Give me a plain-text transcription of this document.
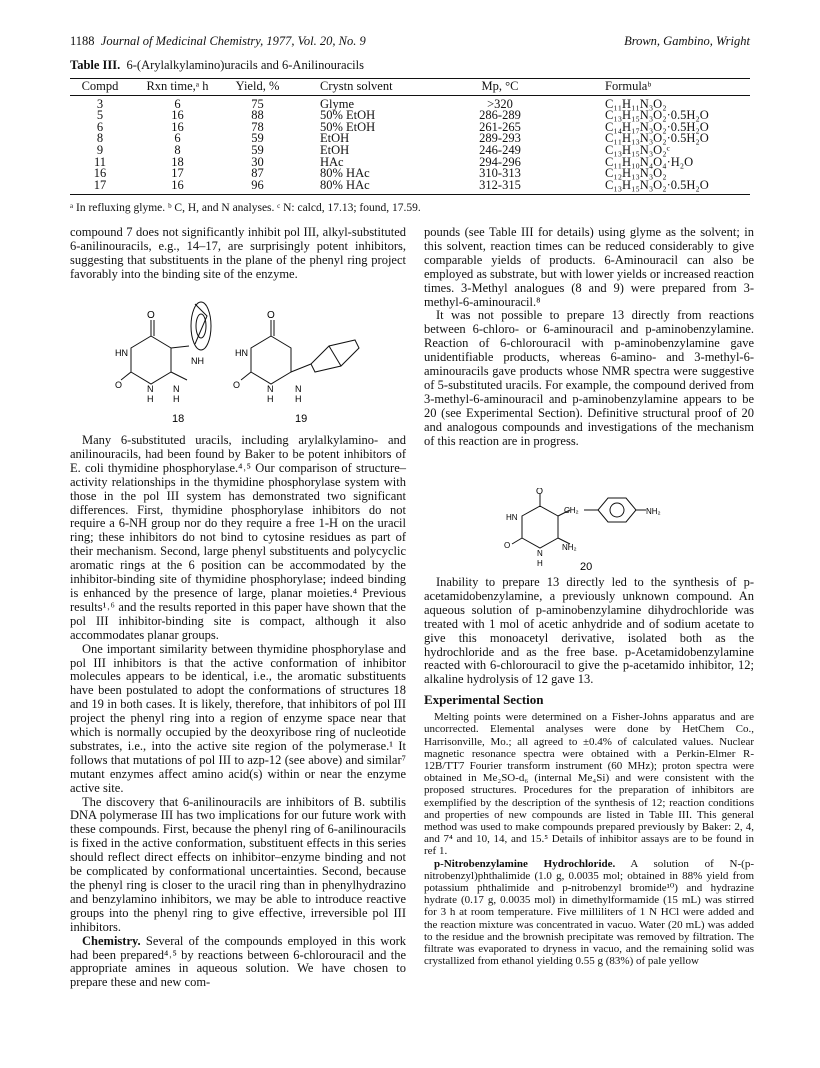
1188 Journal of Medicinal Chemistry, 1977, Vol. 20, No. 9	Brown, Gambino, Wright
Table III. 6-(Arylalkylamino)uracils and 6-Anilinouracils
Compd	Rxn time,ᵃ h	Yield, %	Crystn solvent	Mp, °C	Formulaᵇ
3	6	75	Glyme	>320	C₁₁H₁₁N₃O₂
5	16	88	50% EtOH	286-289	C₁₃H₁₅N₃O₂·0.5H₂O
6	16	78	50% EtOH	261-265	C₁₄H₁₇N₃O₂·0.5H₂O
8	6	59	EtOH	289-293	C₁₁H₁₃N₃O₂·0.5H₂O
9	8	59	EtOH	246-249	C₁₃H₁₅N₃O₂ᶜ
11	18	30	HAc	294-296	C₁₁H₁₀N₄O₄·H₂O
16	17	87	80% HAc	310-313	C₁₂H₁₃N₃O₂
17	16	96	80% HAc	312-315	C₁₃H₁₅N₃O₂·0.5H₂O
ᵃ In refluxing glyme. ᵇ C, H, and N analyses. ᶜ N: calcd, 17.13; found, 17.59.

compound 7 does not significantly inhibit pol III, alkyl-substituted 6-anilinouracils, e.g., 14–17, are surprisingly potent inhibitors, suggesting that substituents in the plane of the phenyl ring project favorably into the binding site of the enzyme.

O
HN
NH
O	N N
H H
O
HN
O	N N
H H
18	19

Many 6-substituted uracils, including arylalkylamino- and anilinouracils, had been found by Baker to be potent inhibitors of E. coli thymidine phosphorylase.⁴˒⁵ Our comparison of structure–activity relationships in the thymidine phosphorylase system with those in the pol III system has demonstrated two significant differences. First, thymidine phosphorylase inhibitors do not require a 6-NH group nor do they require a free 1-H on the uracil ring; these inhibitors do not bind to cytosine residues as part of their mechanism. Second, large phenyl substituents and polycyclic aromatic rings at the 6 position can be accommodated by the inhibitor-binding site of thymidine phosphorylase; indeed binding is enhanced by the presence of large, planar moieties.⁴ Previous results¹˒⁶ and the results reported in this paper have shown that the pol III inhibitor-binding site is compact, although it also accommodates planar groups.

One important similarity between thymidine phosphorylase and pol III inhibitors is that the active conformation of inhibitor molecules appears to be identical, i.e., the aromatic substituents have been postulated to adopt the conformations of structures 18 and 19 in both cases. It is likely, therefore, that inhibitors of pol III project the phenyl ring into a region of enzyme space near that which is normally occupied by the deoxyribose ring of nucleotide substrates, i.e., into the active site region of the polymerase.¹ It follows that mutations of pol III to azp-12 (see above) and similar⁷ mutant enzymes affect amino acid(s) within or near the enzyme active site.

The discovery that 6-anilinouracils are inhibitors of B. subtilis DNA polymerase III has two implications for our future work with these compounds. First, because the phenyl ring of 6-anilinouracils is fixed in the active conformation, substituent effects in this series should reflect direct effects on inhibitor–enzyme binding and not be complicated by conformational uncertainties. Second, because the phenyl ring is closer to the uracil ring than in phenylhydrazino and benzylamino inhibitors, we may be able to introduce reactive groups into the phenyl ring to give effective, irreversible pol III inhibitors.

Chemistry. Several of the compounds employed in this work had been prepared⁴˒⁵ by reactions between 6-chlorouracil and the appropriate amines in aqueous solution. We have chosen to prepare these and new com-

pounds (see Table III for details) using glyme as the solvent; in this solvent, reaction times can be reduced considerably to give comparable yields of products. 6-Aminouracil can also be employed as substrate, but with lower yields or increased reaction times. 3-Methyl analogues (8 and 9) were prepared from 3-methyl-6-aminouracil.⁸

It was not possible to prepare 13 directly from reactions between 6-chloro- or 6-aminouracil and p-aminobenzylamine. Reaction of 6-chlorouracil with p-aminobenzylamine gave unidentifiable products, whereas 6-amino- and 3-methyl-6-aminouracils gave products whose NMR spectra were suggestive of 5-substituted uracils. For example, the compound derived from 3-methyl-6-aminouracil and p-aminobenzylamine appears to be 20 (see Experimental Section). Definitive structural proof of 20 and analogous compounds and investigations of the mechanism of this reaction are in progress.

O
HN
CH₂	NH₂
O
N
NH₂
H	20

Inability to prepare 13 directly led to the synthesis of p-acetamidobenzylamine, a previously unknown compound. An aqueous solution of p-aminobenzylamine dihydrochloride was treated with 1 mol of acetic anhydride and of sodium acetate to give this monoacetyl derivative, isolated both as the hydrochloride and as the free base. p-Acetamidobenzylamine reacted with 6-chlorouracil to give the p-acetamido inhibitor, 12; alkaline hydrolysis of 12 gave 13.

Experimental Section

Melting points were determined on a Fisher-Johns apparatus and are uncorrected. Elemental analyses were done by HetChem Co., Harrisonville, Mo.; all agreed to ±0.4% of calculated values. Nuclear magnetic resonance spectra were obtained with a Perkin-Elmer R-12B/TT7 Fourier transform instrument (60 MHz); proton spectra were obtained in Me₂SO-d₆ (internal Me₄Si) and were consistent with the proposed structures. Procedures for the preparation of inhibitors are exemplified by the description of the synthesis of 12; reaction conditions and properties of new compounds are listed in Table III. This general method was used to make compounds prepared previously by Baker: 2, 4, and 7⁴ and 10, 14, and 15.⁵ Details of inhibitor assays are to be found in ref 1.

p-Nitrobenzylamine Hydrochloride. A solution of N-(p-nitrobenzyl)phthalimide (1.0 g, 0.0035 mol; obtained in 88% yield from potassium phthalimide and p-nitrobenzyl bromide¹⁰) and hydrazine hydrate (0.17 g, 0.0035 mol) in dimethylformamide (15 mL) was stirred for 3 h at room temperature. Five milliliters of 1 N HCl were added and the reaction mixture was concentrated in vacuo. Water (20 mL) was added to the residue and the brownish precipitate was removed by filtration. The filtrate was evaporated to dryness in vacuo, and the remaining solid was crystallized from ethanol yielding 0.55 g (83%) of pale yellow
